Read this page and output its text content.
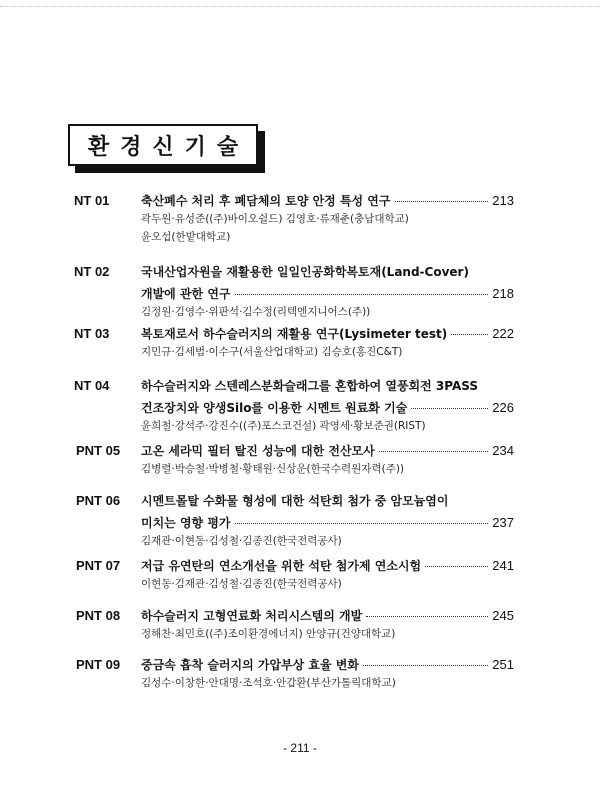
환경신기술
NT 01	축산폐수 처리 후 폐담체의 토양 안정 특성 연구	213
곽두원·유성준((주)바이오쉴드) 김영호·류재춘(충남대학교)
윤오섭(한밭대학교)
NT 02	국내산업자원을 재활용한 일일인공화학복토재(Land-Cover)
개발에 관한 연구	218
김정원·김영수·위판석·김수정(리텍엔지니어스(주))
NT 03	복토재로서 하수슬러지의 재활용 연구(Lysimeter test)	222
지민규·김세범·이수구(서울산업대학교) 김승호(홍진C&T)
NT 04	하수슬러지와 스텐레스분화슬래그를 혼합하여 열풍회전 3PASS
건조장치와 양생Silo를 이용한 시멘트 원료화 기술	226
윤희철·강석주·강진수((주)포스코건설) 곽영세·황보준권(RIST)
PNT 05	고온 세라믹 필터 탈진 성능에 대한 전산모사	234
김병렬·박승철·박병철·황태원·신상운(한국수력원자력(주))
PNT 06	시멘트몰탈 수화물 형성에 대한 석탄회 첨가 중 암모늄염이
미치는 영향 평가	237
김재관·이현동·김성철·김종진(한국전력공사)
PNT 07	저급 유연탄의 연소개선을 위한 석탄 첨가제 연소시험	241
이현동·김재관·김성철·김종진(한국전력공사)
PNT 08	하수슬러지 고형연료화 처리시스템의 개발	245
정해찬·최민호((주)조이환경에너지) 안양규(건양대학교)
PNT 09	중금속 흡착 슬러지의 가압부상 효율 변화	251
김성수·이창한·안대명·조석호·안갑환(부산가톨릭대학교)
- 211 -
